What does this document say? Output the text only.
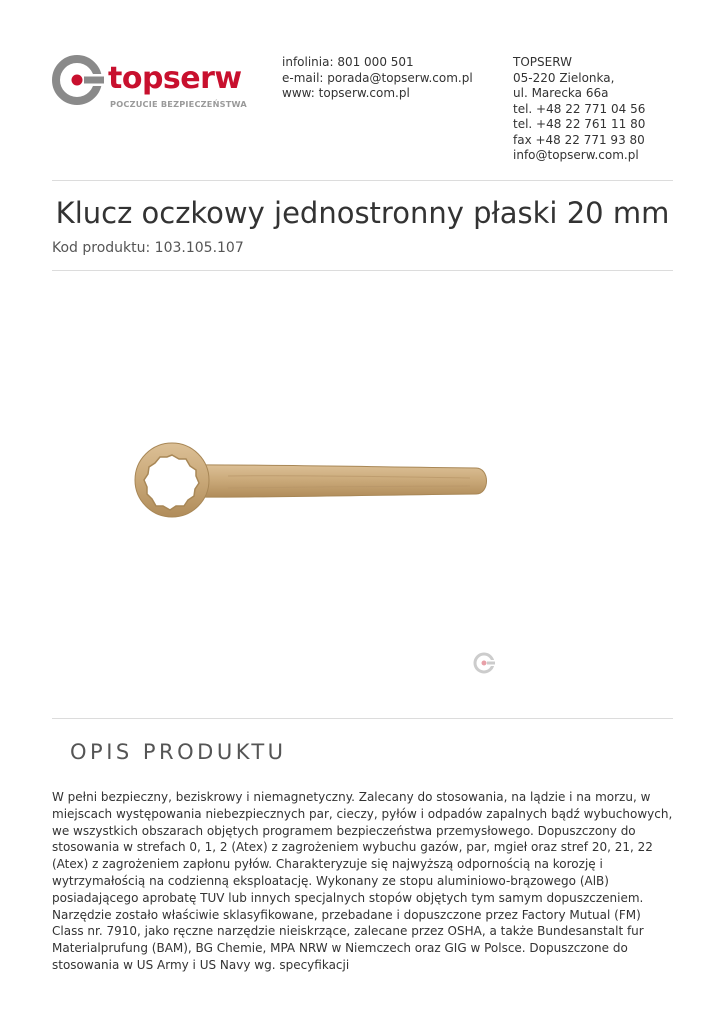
topserw
POCZUCIE BEZPIECZEŃSTWA
infolinia: 801 000 501
e-mail: porada@topserw.com.pl
www: topserw.com.pl
TOPSERW
05-220 Zielonka,
ul. Marecka 66a
tel. +48 22 771 04 56
tel. +48 22 761 11 80
fax +48 22 771 93 80
info@topserw.com.pl
Klucz oczkowy jednostronny płaski 20 mm
Kod produktu: 103.105.107
OPIS PRODUKTU

W pełni bezpieczny, beziskrowy i niemagnetyczny. Zalecany do stosowania, na lądzie i na morzu, w miejscach występowania niebezpiecznych par, cieczy, pyłów i odpadów zapalnych bądź wybuchowych, we wszystkich obszarach objętych programem bezpieczeństwa przemysłowego. Dopuszczony do stosowania w strefach 0, 1, 2 (Atex) z zagrożeniem wybuchu gazów, par, mgieł oraz stref 20, 21, 22 (Atex) z zagrożeniem zapłonu pyłów. Charakteryzuje się najwyższą odpornością na korozję i wytrzymałością na codzienną eksploatację. Wykonany ze stopu aluminiowo-brązowego (AlB) posiadającego aprobatę TUV lub innych specjalnych stopów objętych tym samym dopuszczeniem. Narzędzie zostało właściwie sklasyfikowane, przebadane i dopuszczone przez Factory Mutual (FM) Class nr. 7910, jako ręczne narzędzie nieiskrzące, zalecane przez OSHA, a także Bundesanstalt fur Materialprufung (BAM), BG Chemie, MPA NRW w Niemczech oraz GIG w Polsce. Dopuszczone do stosowania w US Army i US Navy wg. specyfikacji
